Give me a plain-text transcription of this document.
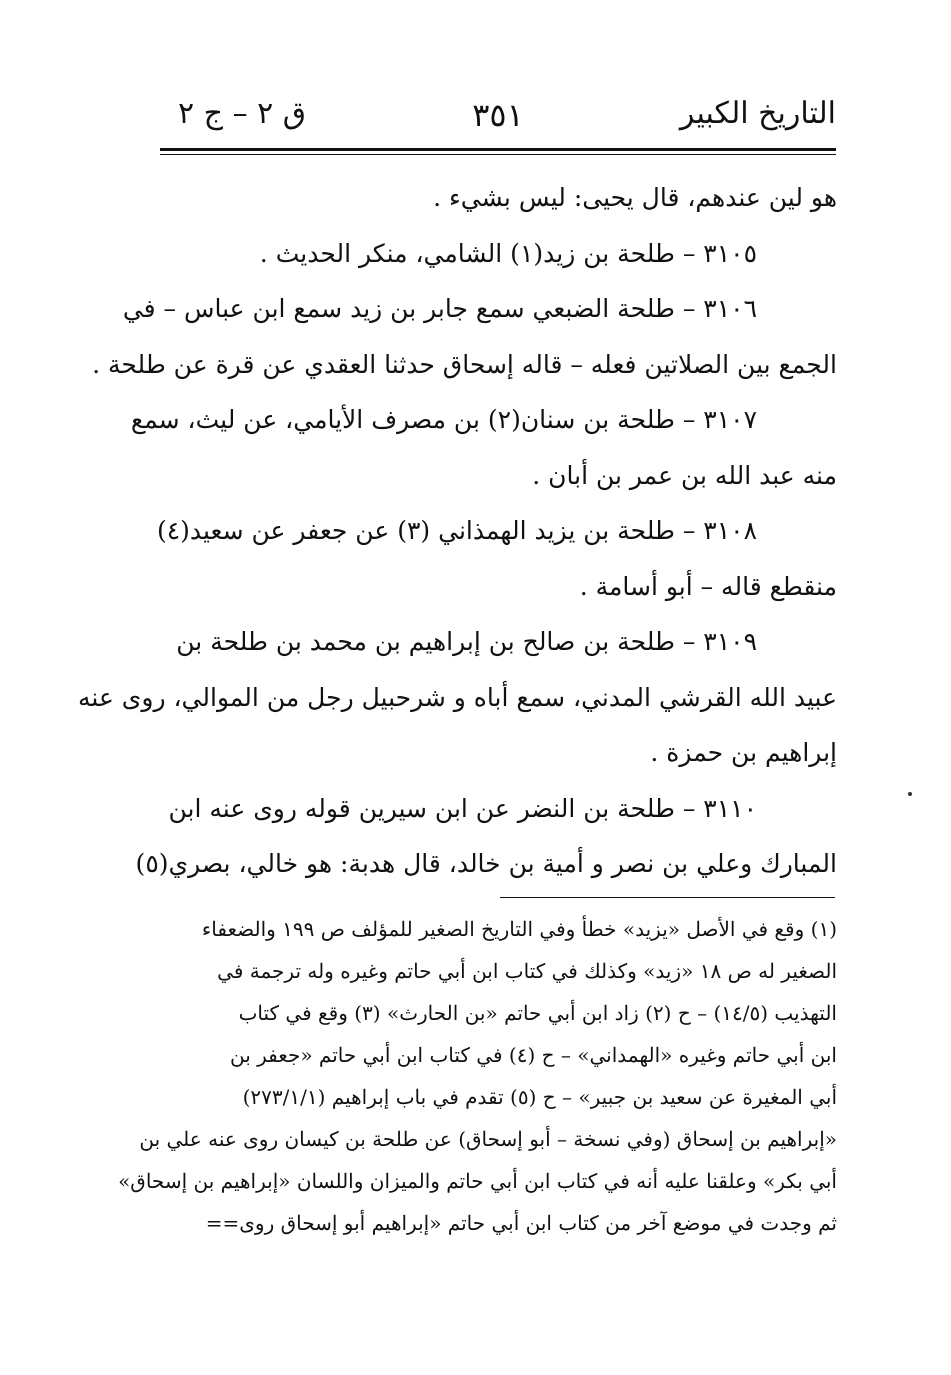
التاريخ الكبير
٣٥١
ق ٢ – ج ٢
هو لين عندهم، قال يحيى: ليس بشيء .
٣١٠٥ – طلحة بن زيد(١) الشامي، منكر الحديث .
٣١٠٦ – طلحة الضبعي سمع جابر بن زيد سمع ابن عباس – في
الجمع بين الصلاتين فعله – قاله إسحاق حدثنا العقدي عن قرة عن طلحة .
٣١٠٧ – طلحة بن سنان(٢) بن مصرف الأيامي، عن ليث، سمع
منه عبد الله بن عمر بن أبان .
٣١٠٨ – طلحة بن يزيد الهمذاني (٣) عن جعفر عن سعيد(٤)
منقطع قاله – أبو أسامة .
٣١٠٩ – طلحة بن صالح بن إبراهيم بن محمد بن طلحة بن
عبيد الله القرشي المدني، سمع أباه و شرحبيل رجل من الموالي، روى عنه
إبراهيم بن حمزة .
٣١١٠ – طلحة بن النضر عن ابن سيرين قوله روى عنه ابن
المبارك وعلي بن نصر و أمية بن خالد، قال هدبة: هو خالي، بصري(٥)
(١) وقع في الأصل «يزيد» خطأ وفي التاريخ الصغير للمؤلف ص ١٩٩ والضعفاء
الصغير له ص ١٨ «زيد» وكذلك في كتاب ابن أبي حاتم وغيره وله ترجمة في
التهذيب (١٤/٥) – ح (٢) زاد ابن أبي حاتم «بن الحارث» (٣) وقع في كتاب
ابن أبي حاتم وغيره «الهمداني» – ح (٤) في كتاب ابن أبي حاتم «جعفر بن
أبي المغيرة عن سعيد بن جبير» – ح (٥) تقدم في باب إبراهيم (٢٧٣/١/١)
«إبراهيم بن إسحاق (وفي نسخة – أبو إسحاق) عن طلحة بن كيسان روى عنه علي بن
أبي بكر» وعلقنا عليه أنه في كتاب ابن أبي حاتم والميزان واللسان «إبراهيم بن إسحاق»
ثم وجدت في موضع آخر من كتاب ابن أبي حاتم «إبراهيم أبو إسحاق روى==
